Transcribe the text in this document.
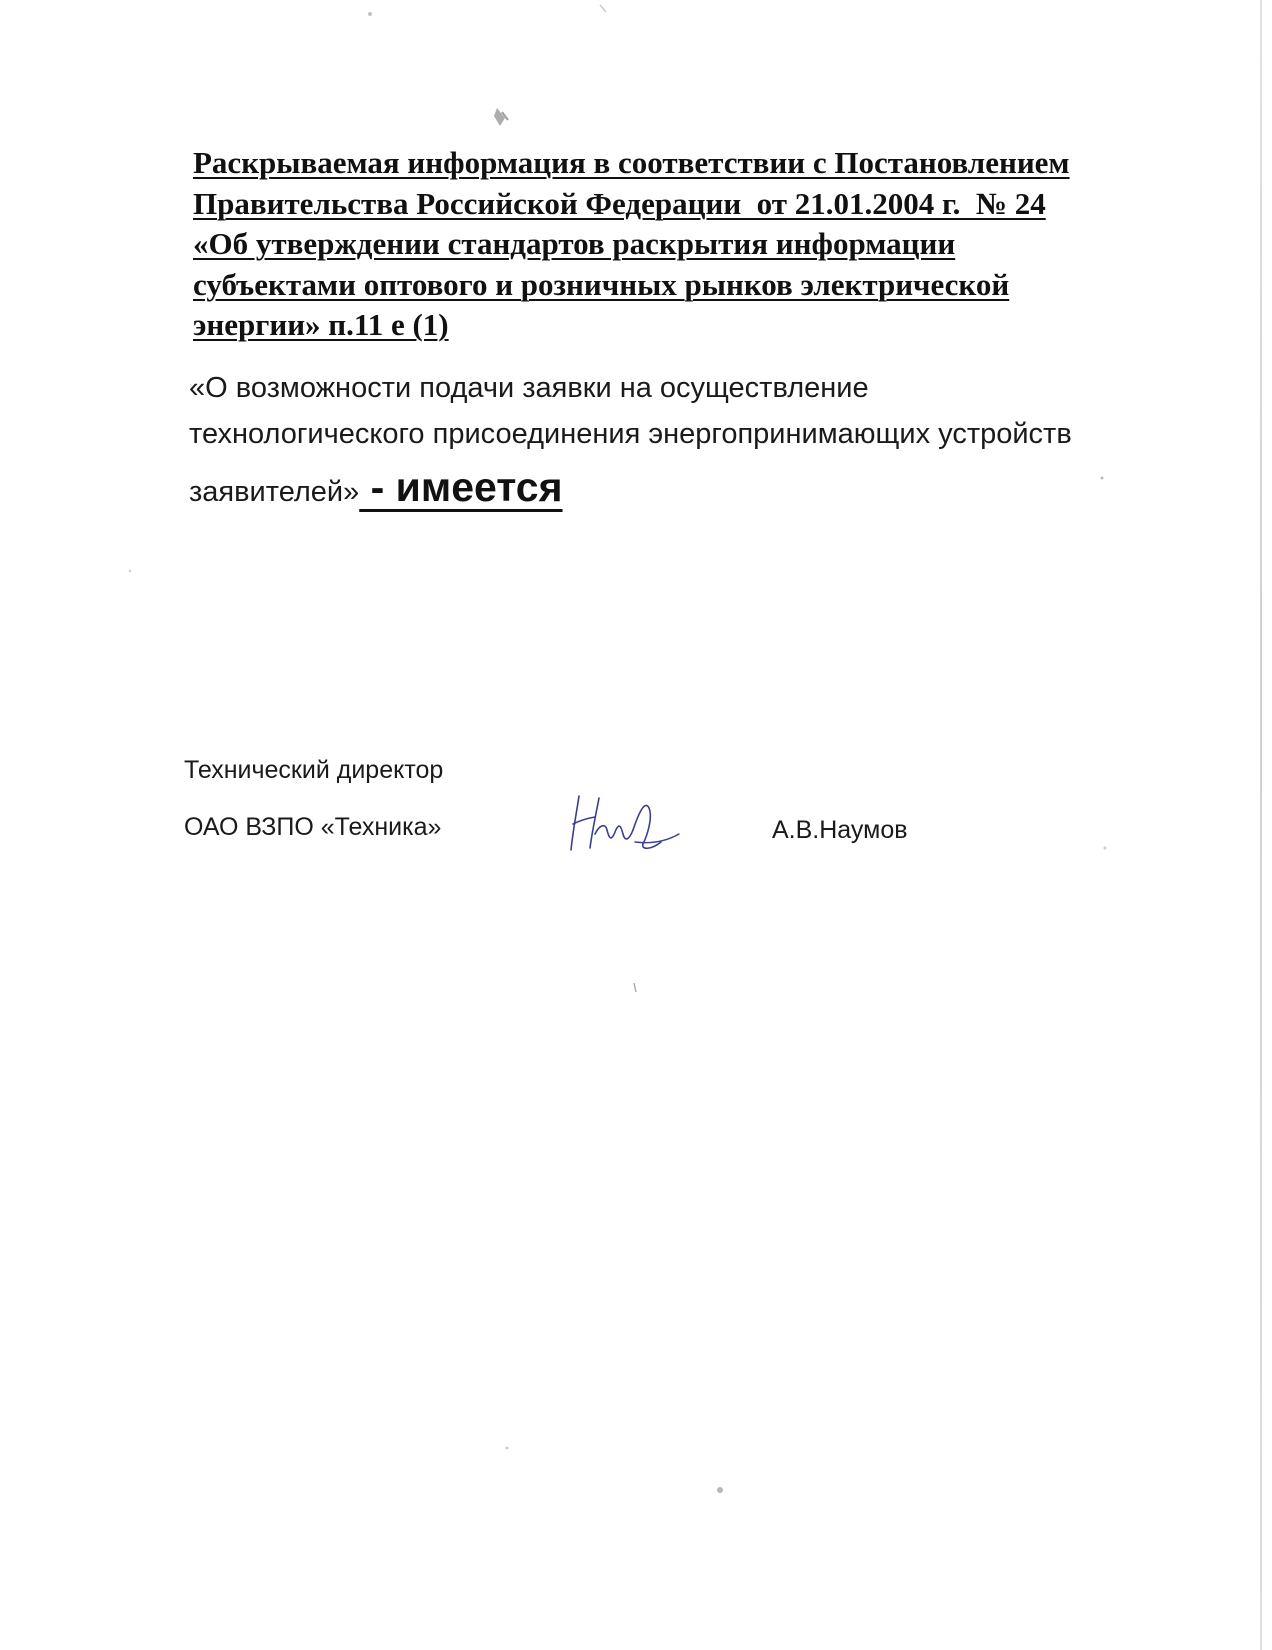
Раскрываемая информация в соответствии с Постановлением
Правительства Российской Федерации  от 21.01.2004 г.  № 24
«Об утверждении стандартов раскрытия информации
субъектами оптового и розничных рынков электрической
энергии» п.11 е (1)

«О возможности подачи заявки на осуществление
технологического присоединения энергопринимающих устройств
заявителей» - имеется

Технический директор

ОАО ВЗПО «Техника»	А.В.Наумов
